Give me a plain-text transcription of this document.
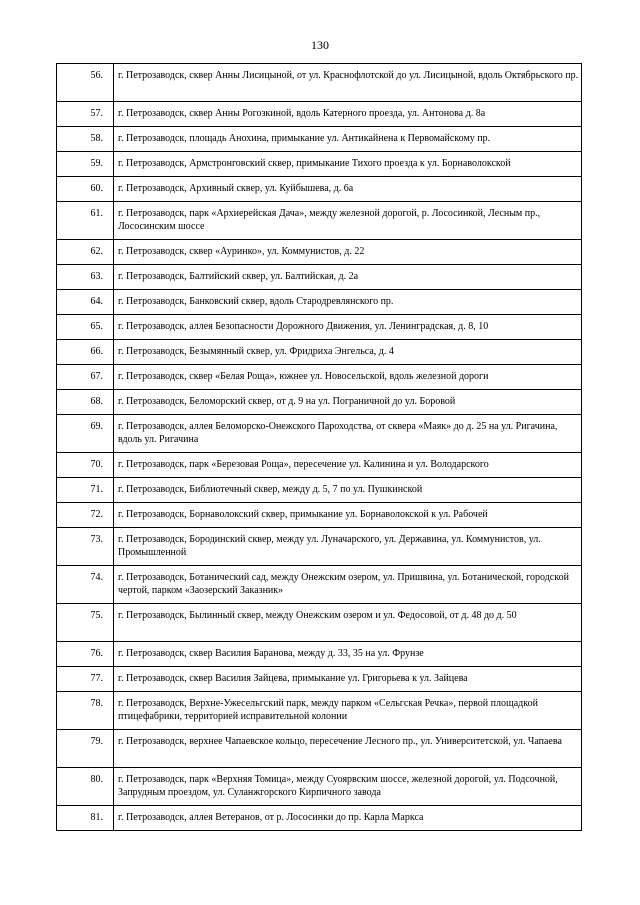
130
56.	г. Петрозаводск, сквер Анны Лисицыной, от ул. Краснофлотской до ул. Лисицыной, вдоль Октябрьского пр.
57.	г. Петрозаводск, сквер Анны Рогозкиной, вдоль Катерного проезда, ул. Антонова д. 8а
58.	г. Петрозаводск, площадь Анохина, примыкание ул. Антикайнена к Первомайскому пр.
59.	г. Петрозаводск, Армстронговский сквер, примыкание Тихого проезда к ул. Борнаволокской
60.	г. Петрозаводск, Архивный сквер, ул. Куйбышева, д. 6а
61.	г. Петрозаводск, парк «Архиерейская Дача», между железной дорогой, р. Лососинкой, Лесным пр., Лососинским шоссе
62.	г. Петрозаводск, сквер «Ауринко», ул. Коммунистов, д. 22
63.	г. Петрозаводск, Балтийский сквер, ул. Балтийская, д. 2а
64.	г. Петрозаводск, Банковский сквер, вдоль Стародревлянского пр.
65.	г. Петрозаводск, аллея Безопасности Дорожного Движения, ул. Ленинградская, д. 8, 10
66.	г. Петрозаводск, Безымянный сквер, ул. Фридриха Энгельса, д. 4
67.	г. Петрозаводск, сквер «Белая Роща», южнее ул. Новосельской, вдоль железной дороги
68.	г. Петрозаводск, Беломорский сквер, от д. 9 на ул. Пограничной до ул. Боровой
69.	г. Петрозаводск, аллея Беломорско-Онежского Пароходства, от сквера «Маяк» до д. 25 на ул. Ригачина, вдоль ул. Ригачина
70.	г. Петрозаводск, парк «Березовая Роща», пересечение ул. Калинина и ул. Володарского
71.	г. Петрозаводск, Библиотечный сквер, между д. 5, 7 по ул. Пушкинской
72.	г. Петрозаводск, Борнаволокский сквер, примыкание ул. Борнаволокской к ул. Рабочей
73.	г. Петрозаводск, Бородинский сквер, между ул. Луначарского, ул. Державина, ул. Коммунистов, ул. Промышленной
74.	г. Петрозаводск, Ботанический сад, между Онежским озером, ул. Пришвина, ул. Ботанической, городской чертой, парком «Заозерский Заказник»
75.	г. Петрозаводск, Былинный сквер, между Онежским озером и ул. Федосовой, от д. 48 до д. 50
76.	г. Петрозаводск, сквер Василия Баранова, между д. 33, 35 на ул. Фрунзе
77.	г. Петрозаводск, сквер Василия Зайцева, примыкание ул. Григорьева к ул. Зайцева
78.	г. Петрозаводск, Верхне-Ужесельгский парк, между парком «Сельгская Речка», первой площадкой птицефабрики, территорией исправительной колонии
79.	г. Петрозаводск, верхнее Чапаевское кольцо, пересечение Лесного пр., ул. Университетской, ул. Чапаева
80.	г. Петрозаводск, парк «Верхняя Томица», между Суоярвским шоссе, железной дорогой, ул. Подсочной, Запрудным проездом, ул. Суланжгорского Кирпичного завода
81.	г. Петрозаводск, аллея Ветеранов, от р. Лососинки до пр. Карла Маркса
